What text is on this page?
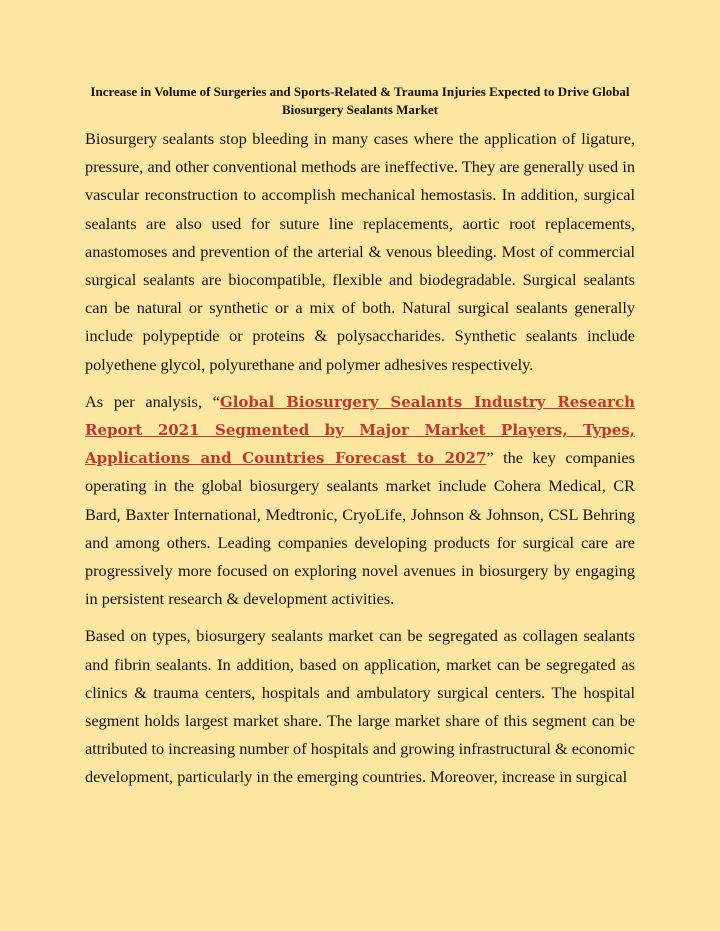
Increase in Volume of Surgeries and Sports-Related & Trauma Injuries Expected to Drive Global Biosurgery Sealants Market

Biosurgery sealants stop bleeding in many cases where the application of ligature, pressure, and other conventional methods are ineffective. They are generally used in vascular reconstruction to accomplish mechanical hemostasis. In addition, surgical sealants are also used for suture line replacements, aortic root replacements, anastomoses and prevention of the arterial & venous bleeding. Most of commercial surgical sealants are biocompatible, flexible and biodegradable. Surgical sealants can be natural or synthetic or a mix of both. Natural surgical sealants generally include polypeptide or proteins & polysaccharides. Synthetic sealants include polyethene glycol, polyurethane and polymer adhesives respectively.

As per analysis, “Global Biosurgery Sealants Industry Research Report 2021 Segmented by Major Market Players, Types, Applications and Countries Forecast to 2027” the key companies operating in the global biosurgery sealants market include Cohera Medical, CR Bard, Baxter International, Medtronic, CryoLife, Johnson & Johnson, CSL Behring and among others. Leading companies developing products for surgical care are progressively more focused on exploring novel avenues in biosurgery by engaging in persistent research & development activities.

Based on types, biosurgery sealants market can be segregated as collagen sealants and fibrin sealants. In addition, based on application, market can be segregated as clinics & trauma centers, hospitals and ambulatory surgical centers. The hospital segment holds largest market share. The large market share of this segment can be attributed to increasing number of hospitals and growing infrastructural & economic development, particularly in the emerging countries. Moreover, increase in surgical
